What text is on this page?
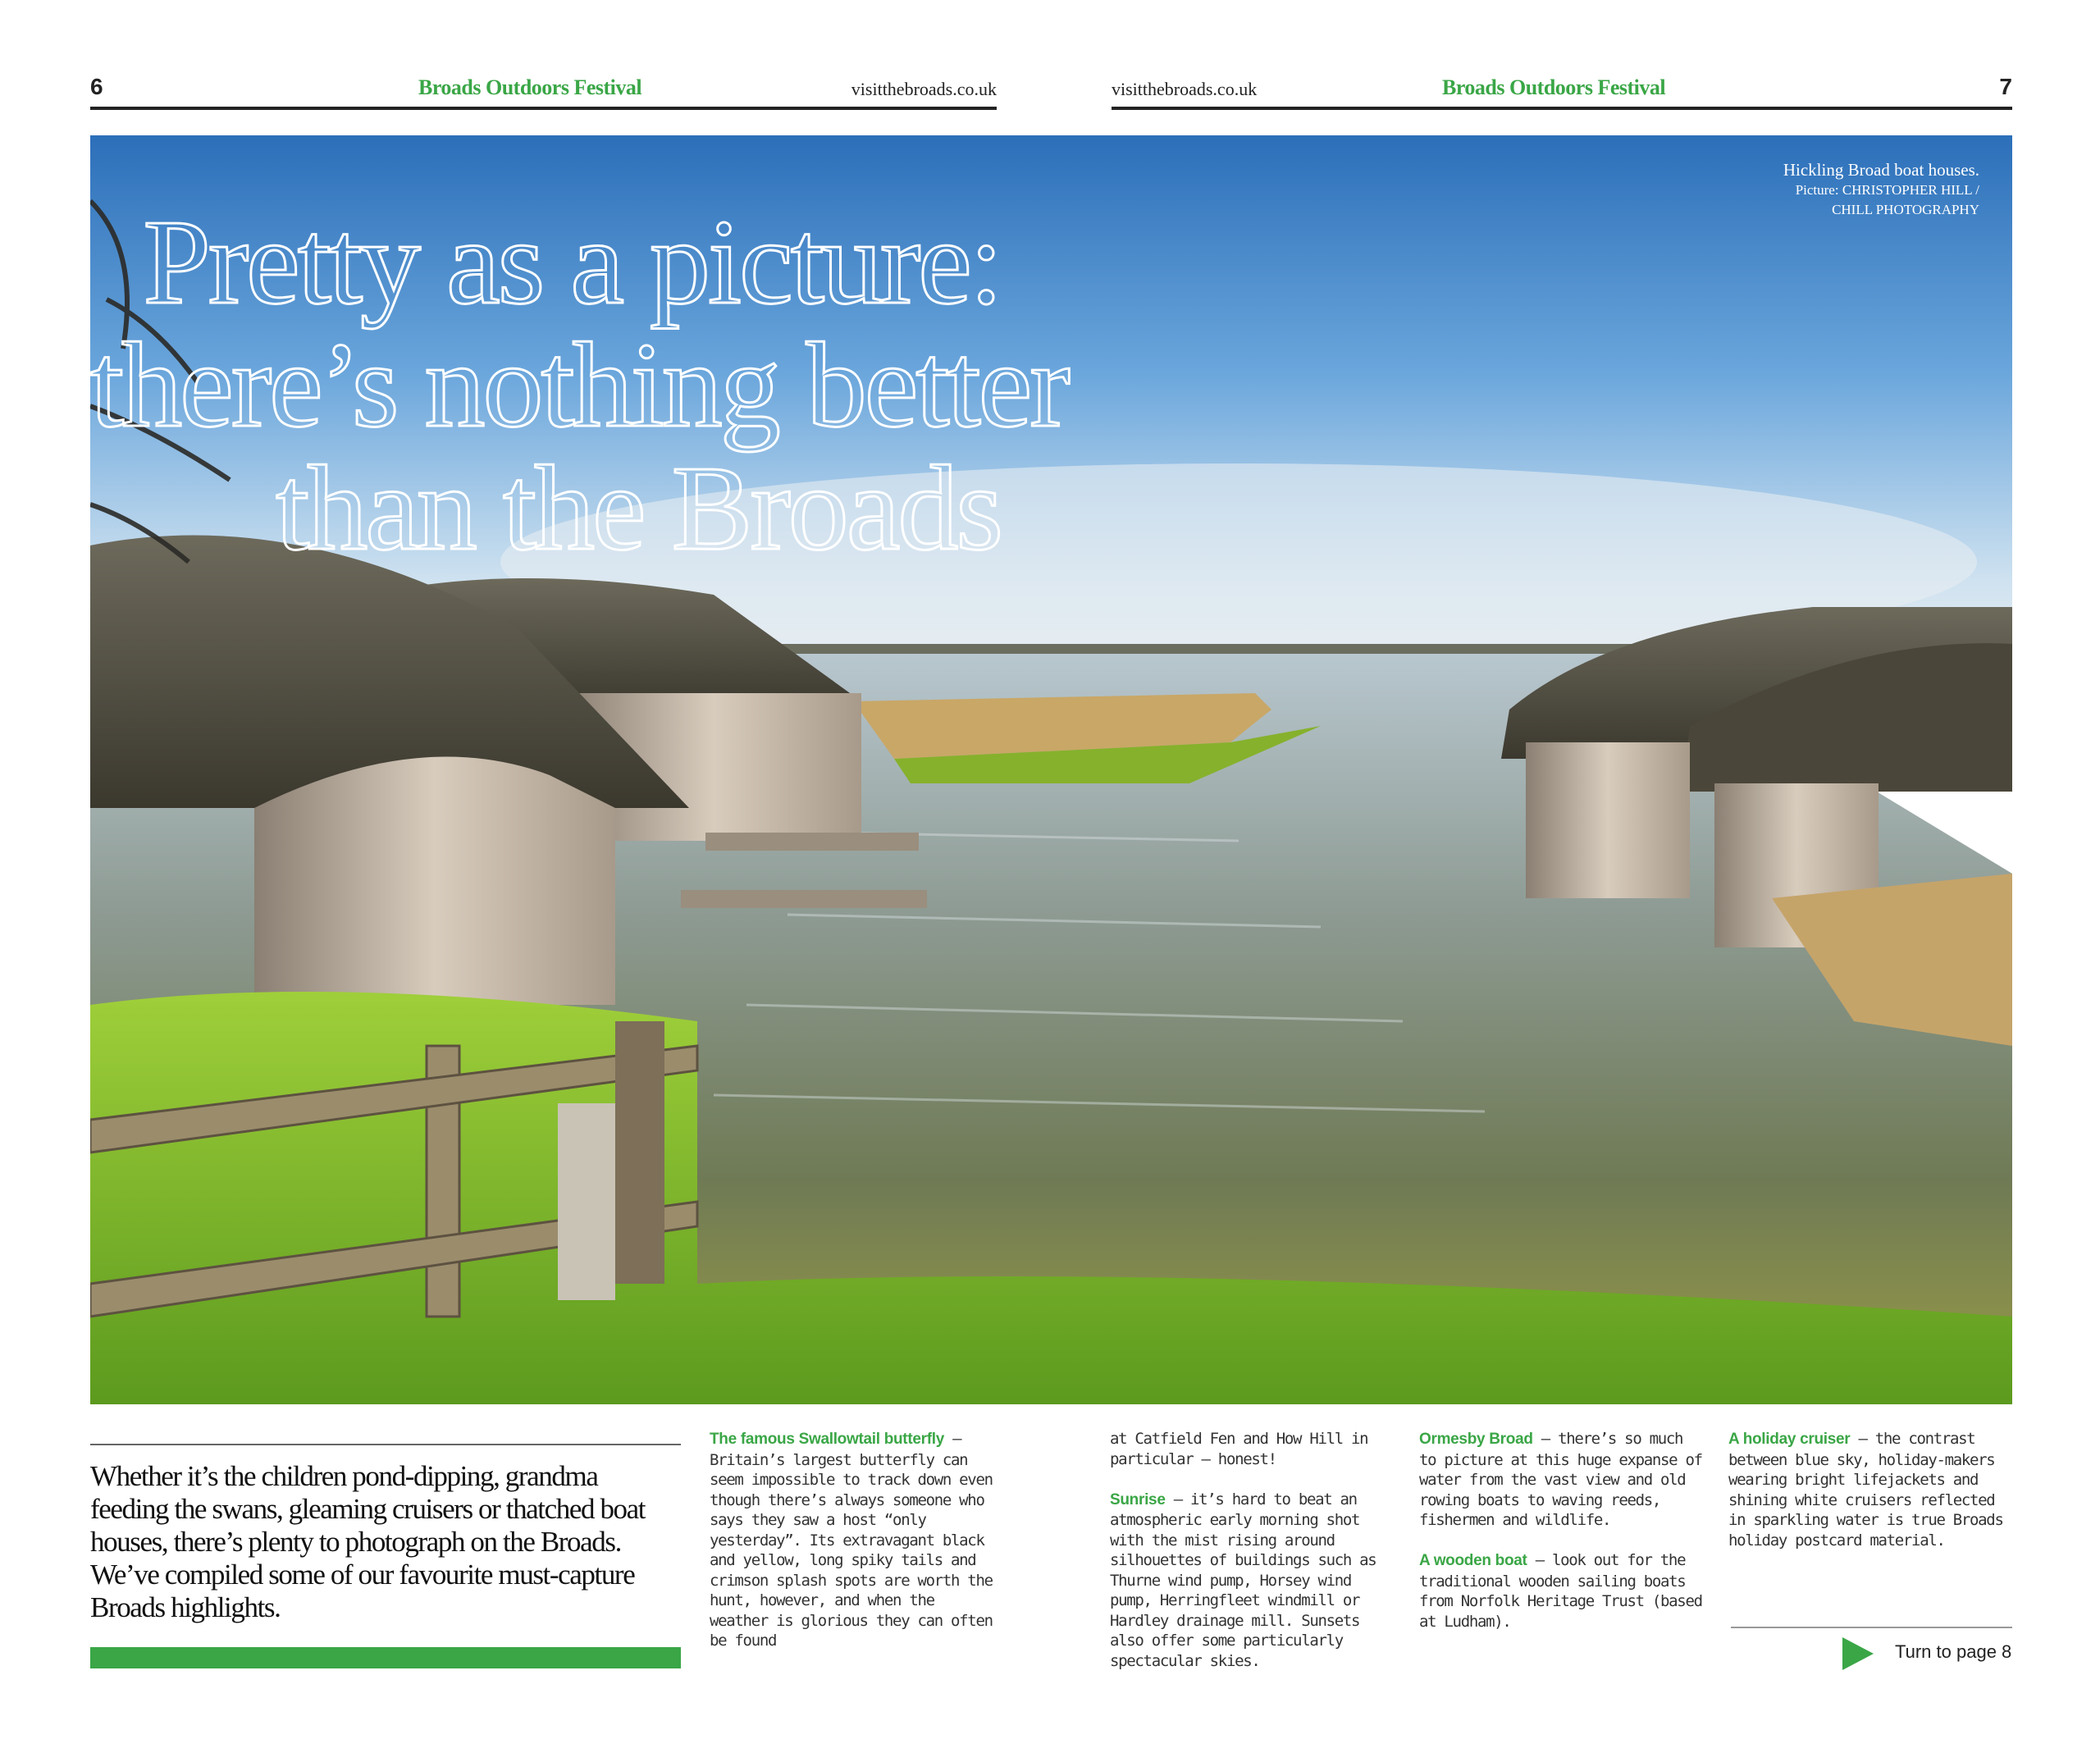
6	Broads Outdoors Festival	visitthebroads.co.uk	visitthebroads.co.uk	Broads Outdoors Festival	7
Pretty as a picture:
there’s nothing better
than the Broads
Hickling Broad boat houses.
Picture: CHRISTOPHER HILL /
CHILL PHOTOGRAPHY
Whether it’s the children pond-dipping, grandma feeding the swans, gleaming cruisers or thatched boat houses, there’s plenty to photograph on the Broads. We’ve compiled some of our favourite must-capture Broads highlights.

The famous Swallowtail butterfly – Britain’s largest butterfly can seem impossible to track down even though there’s always someone who says they saw a host “only yesterday”. Its extravagant black and yellow, long spiky tails and crimson splash spots are worth the hunt, however, and when the weather is glorious they can often be found

at Catfield Fen and How Hill in particular – honest!

Sunrise – it’s hard to beat an atmospheric early morning shot with the mist rising around silhouettes of buildings such as Thurne wind pump, Horsey wind pump, Herringfleet windmill or Hardley drainage mill. Sunsets also offer some particularly spectacular skies.

Ormesby Broad – there’s so much to picture at this huge expanse of water from the vast view and old rowing boats to waving reeds, fishermen and wildlife.

A wooden boat – look out for the traditional wooden sailing boats from Norfolk Heritage Trust (based at Ludham).

A holiday cruiser – the contrast between blue sky, holiday-makers wearing bright lifejackets and shining white cruisers reflected in sparkling water is true Broads holiday postcard material.

Turn to page 8
